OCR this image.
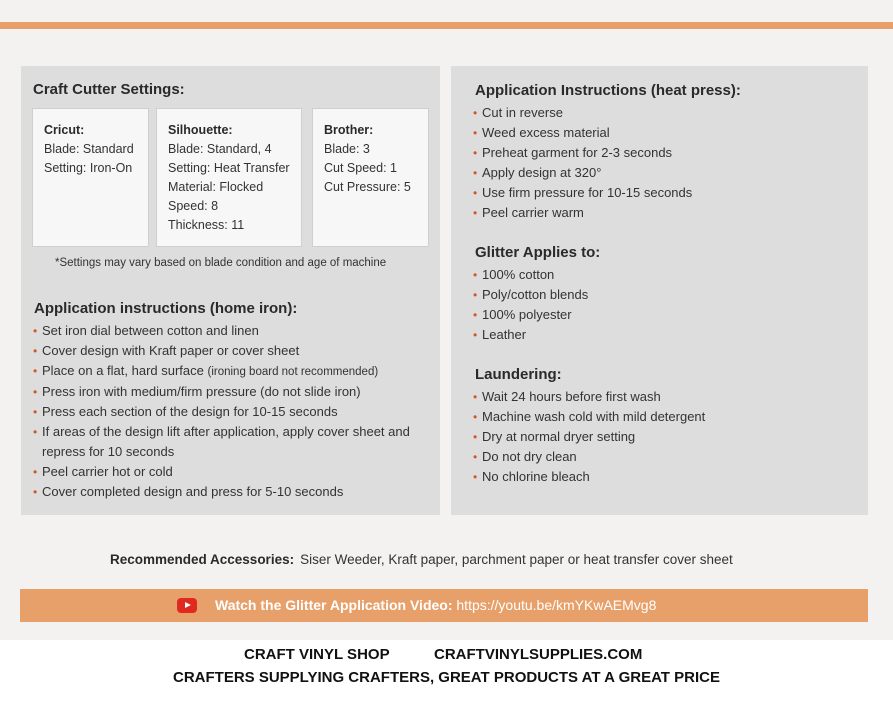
Craft Cutter Settings:
Cricut:
Blade: Standard
Setting: Iron-On
Silhouette:
Blade: Standard, 4
Setting: Heat Transfer
Material: Flocked
Speed: 8
Thickness: 11
Brother:
Blade: 3
Cut Speed: 1
Cut Pressure: 5
*Settings may vary based on blade condition and age of machine
Application instructions (home iron):
• Set iron dial between cotton and linen
• Cover design with Kraft paper or cover sheet
• Place on a flat, hard surface (ironing board not recommended)
• Press iron with medium/firm pressure (do not slide iron)
• Press each section of the design for 10-15 seconds
• If areas of the design lift after application, apply cover sheet and repress for 10 seconds
• Peel carrier hot or cold
• Cover completed design and press for 5-10 seconds
Application Instructions (heat press):
• Cut in reverse
• Weed excess material
• Preheat garment for 2-3 seconds
• Apply design at 320°
• Use firm pressure for 10-15 seconds
• Peel carrier warm
Glitter Applies to:
• 100% cotton
• Poly/cotton blends
• 100% polyester
• Leather
Laundering:
• Wait 24 hours before first wash
• Machine wash cold with mild detergent
• Dry at normal dryer setting
• Do not dry clean
• No chlorine bleach
Recommended Accessories: Siser Weeder, Kraft paper, parchment paper or heat transfer cover sheet
Watch the Glitter Application Video: https://youtu.be/kmYKwAEMvg8
CRAFT VINYL SHOP	CRAFTVINYLSUPPLIES.COM
CRAFTERS SUPPLYING CRAFTERS, GREAT PRODUCTS AT A GREAT PRICE
